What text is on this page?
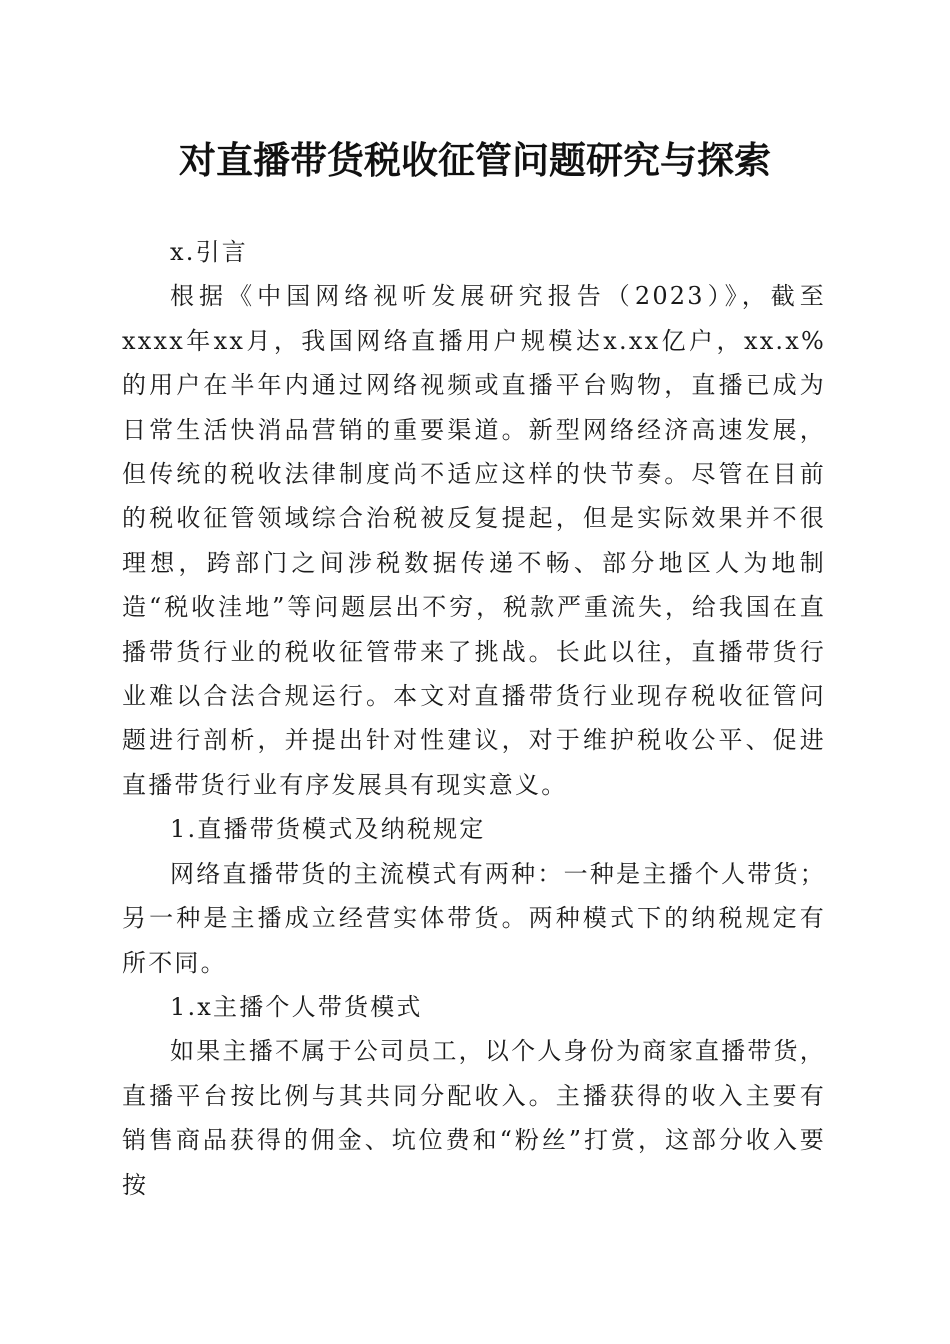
对直播带货税收征管问题研究与探索

x.引言

根据《中国网络视听发展研究报告（2023）》，截至xxxx年xx月，我国网络直播用户规模达x.xx亿户，xx.x%的用户在半年内通过网络视频或直播平台购物，直播已成为日常生活快消品营销的重要渠道。新型网络经济高速发展，但传统的税收法律制度尚不适应这样的快节奏。尽管在目前的税收征管领域综合治税被反复提起，但是实际效果并不很理想，跨部门之间涉税数据传递不畅、部分地区人为地制造“税收洼地”等问题层出不穷，税款严重流失，给我国在直播带货行业的税收征管带来了挑战。长此以往，直播带货行业难以合法合规运行。本文对直播带货行业现存税收征管问题进行剖析，并提出针对性建议，对于维护税收公平、促进直播带货行业有序发展具有现实意义。

1.直播带货模式及纳税规定

网络直播带货的主流模式有两种：一种是主播个人带货；另一种是主播成立经营实体带货。两种模式下的纳税规定有所不同。

1.x主播个人带货模式

如果主播不属于公司员工，以个人身份为商家直播带货，直播平台按比例与其共同分配收入。主播获得的收入主要有销售商品获得的佣金、坑位费和“粉丝”打赏，这部分收入要按
